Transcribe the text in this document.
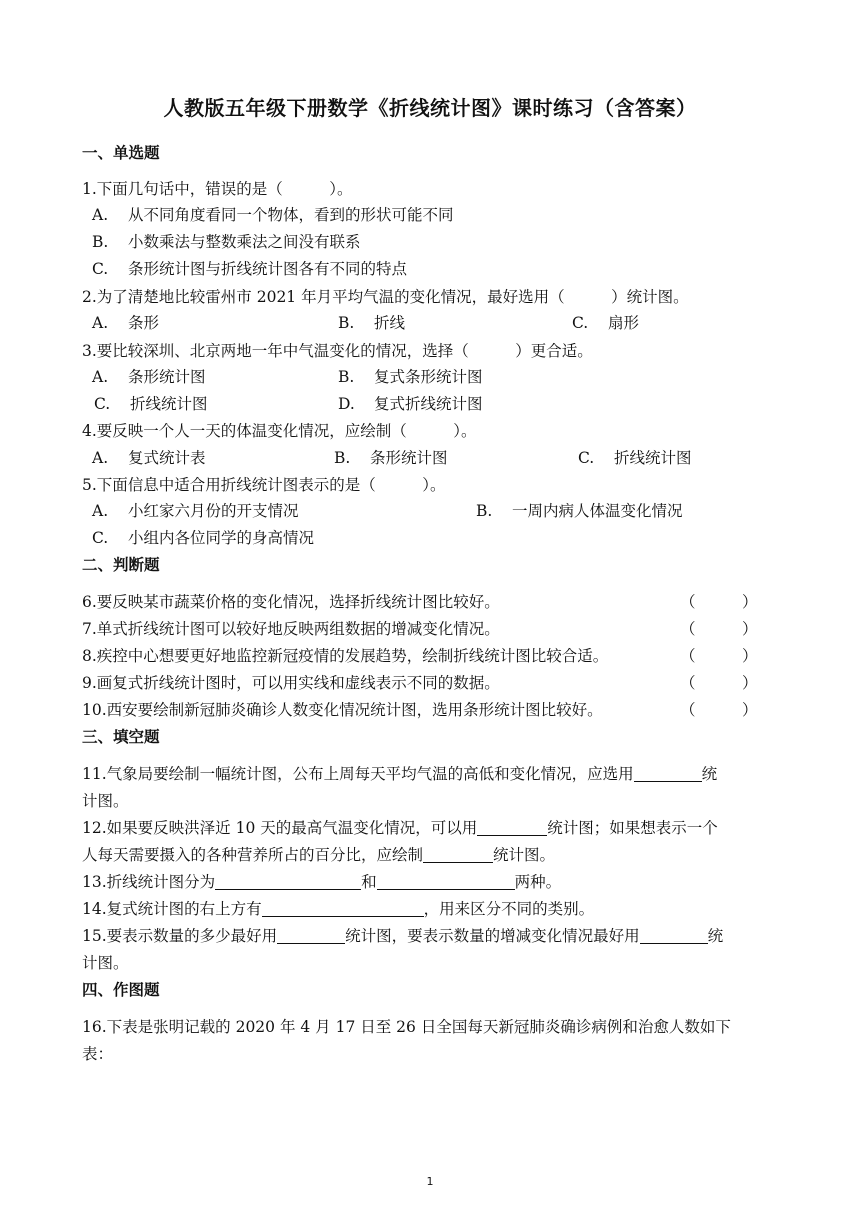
人教版五年级下册数学《折线统计图》课时练习（含答案）
一、单选题
1.下面几句话中，错误的是（　　　）。
A. 从不同角度看同一个物体，看到的形状可能不同
B. 小数乘法与整数乘法之间没有联系
C. 条形统计图与折线统计图各有不同的特点
2.为了清楚地比较雷州市 2021 年月平均气温的变化情况，最好选用（　　　）统计图。
A. 条形	B. 折线	C. 扇形
3.要比较深圳、北京两地一年中气温变化的情况，选择（　　　）更合适。
A. 条形统计图	B. 复式条形统计图
C. 折线统计图	D. 复式折线统计图
4.要反映一个人一天的体温变化情况，应绘制（　　　）。
A. 复式统计表	B. 条形统计图	C. 折线统计图
5.下面信息中适合用折线统计图表示的是（　　　）。
A. 小红家六月份的开支情况	B. 一周内病人体温变化情况
C. 小组内各位同学的身高情况
二、判断题
6.要反映某市蔬菜价格的变化情况，选择折线统计图比较好。	（　　　）
7.单式折线统计图可以较好地反映两组数据的增减变化情况。	（　　　）
8.疾控中心想要更好地监控新冠疫情的发展趋势，绘制折线统计图比较合适。	（　　　）
9.画复式折线统计图时，可以用实线和虚线表示不同的数据。	（　　　）
10.西安要绘制新冠肺炎确诊人数变化情况统计图，选用条形统计图比较好。	（　　　）
三、填空题
11.气象局要绘制一幅统计图，公布上周每天平均气温的高低和变化情况，应选用	统
计图。
12.如果要反映洪泽近 10 天的最高气温变化情况，可以用	统计图；如果想表示一个
人每天需要摄入的各种营养所占的百分比，应绘制	统计图。
13.折线统计图分为	和	两种。
14.复式统计图的右上方有	，用来区分不同的类别。
15.要表示数量的多少最好用	统计图，要表示数量的增减变化情况最好用	统
计图。
四、作图题
16.下表是张明记载的 2020 年 4 月 17 日至 26 日全国每天新冠肺炎确诊病例和治愈人数如下
表：
1
